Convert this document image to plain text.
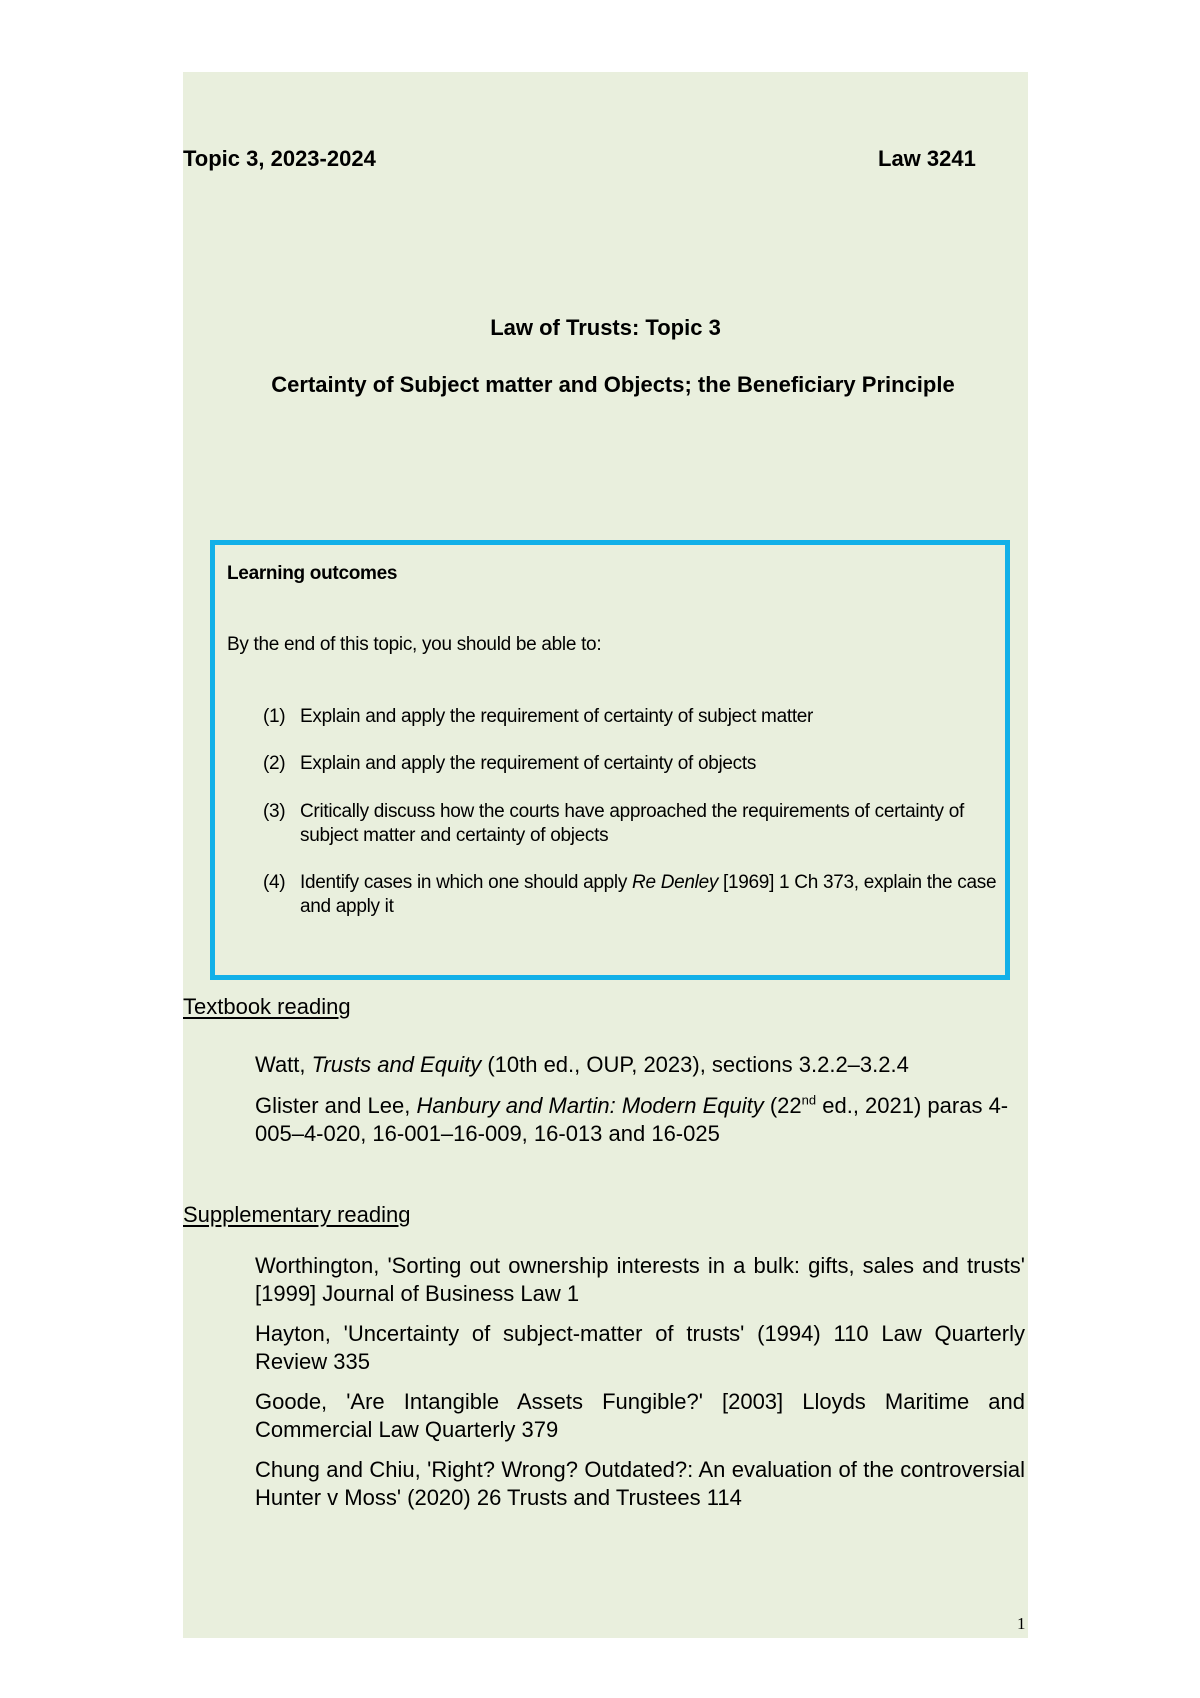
Topic 3, 2023-2024	Law 3241
Law of Trusts: Topic 3
Certainty of Subject matter and Objects; the Beneficiary Principle
Learning outcomes
By the end of this topic, you should be able to:
(1) Explain and apply the requirement of certainty of subject matter
(2) Explain and apply the requirement of certainty of objects
(3) Critically discuss how the courts have approached the requirements of certainty of subject matter and certainty of objects
(4) Identify cases in which one should apply Re Denley [1969] 1 Ch 373, explain the case and apply it
Textbook reading
Watt, Trusts and Equity (10th ed., OUP, 2023), sections 3.2.2–3.2.4
Glister and Lee, Hanbury and Martin: Modern Equity (22nd ed., 2021) paras 4-005–4-020, 16-001–16-009, 16-013 and 16-025
Supplementary reading
Worthington, 'Sorting out ownership interests in a bulk: gifts, sales and trusts' [1999] Journal of Business Law 1
Hayton, 'Uncertainty of subject-matter of trusts' (1994) 110 Law Quarterly Review 335
Goode, 'Are Intangible Assets Fungible?' [2003] Lloyds Maritime and Commercial Law Quarterly 379
Chung and Chiu, 'Right? Wrong? Outdated?: An evaluation of the controversial Hunter v Moss' (2020) 26 Trusts and Trustees 114
1
